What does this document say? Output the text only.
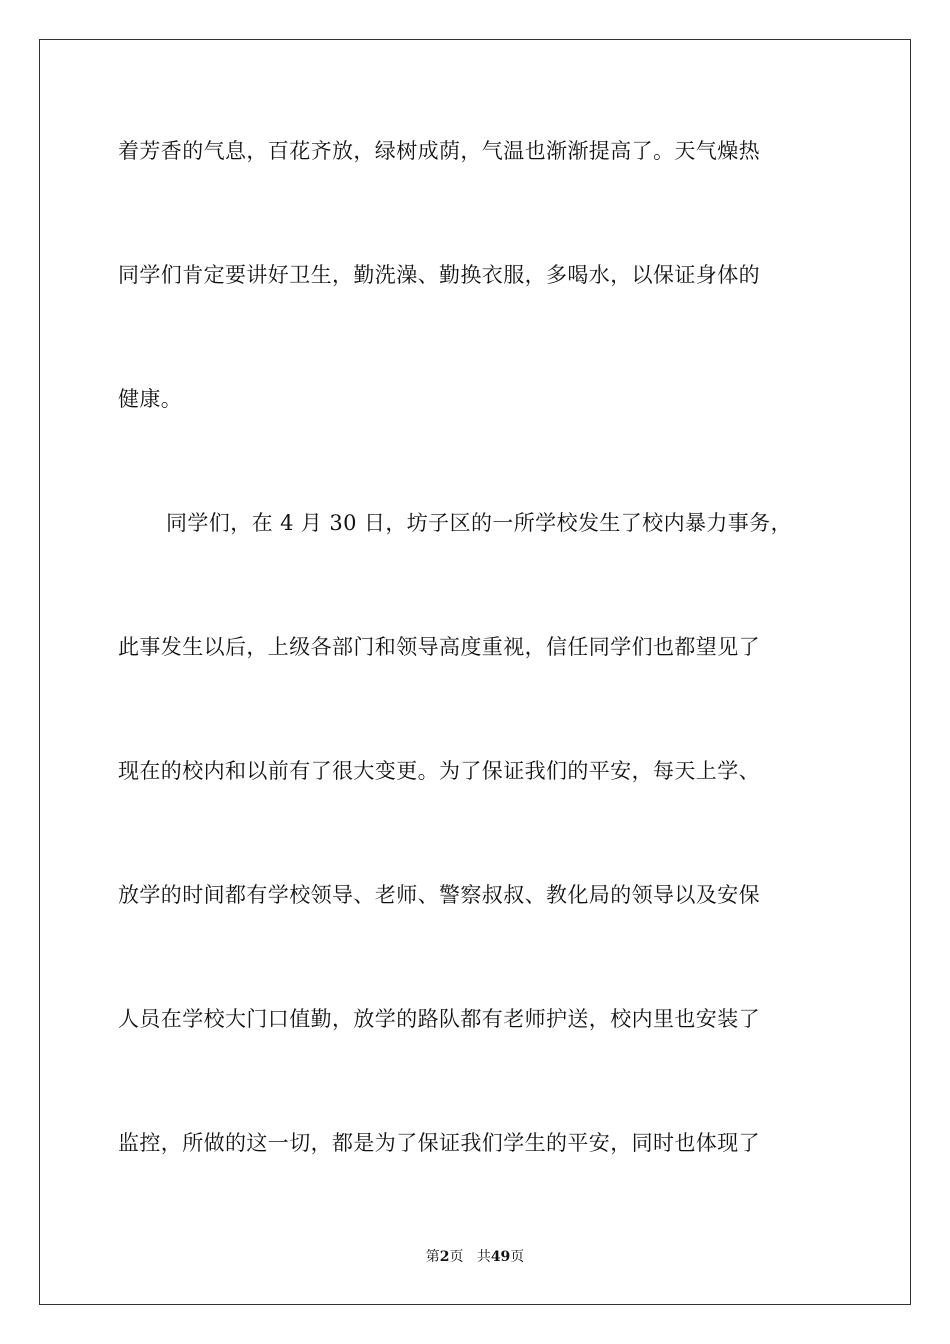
着芳香的气息，百花齐放，绿树成荫，气温也渐渐提高了。天气燥热
同学们肯定要讲好卫生，勤洗澡、勤换衣服，多喝水，以保证身体的
健康。
同学们，在 4 月 30 日，坊子区的一所学校发生了校内暴力事务，
此事发生以后，上级各部门和领导高度重视，信任同学们也都望见了
现在的校内和以前有了很大变更。为了保证我们的平安，每天上学、
放学的时间都有学校领导、老师、警察叔叔、教化局的领导以及安保
人员在学校大门口值勤，放学的路队都有老师护送，校内里也安装了
监控，所做的这一切，都是为了保证我们学生的平安，同时也体现了
第2页 共49页
